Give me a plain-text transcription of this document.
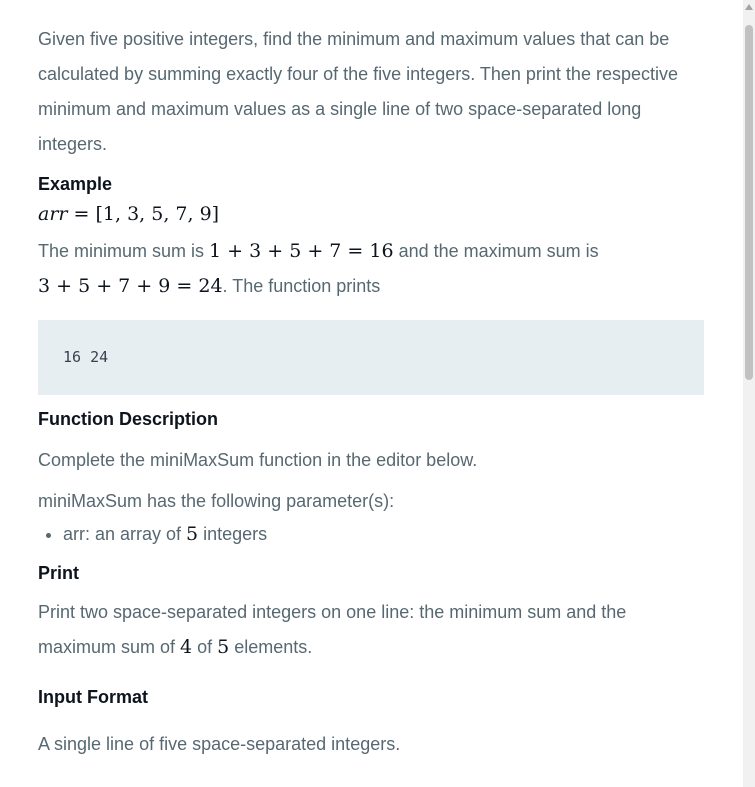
Given five positive integers, find the minimum and maximum values that can be calculated by summing exactly four of the five integers. Then print the respective minimum and maximum values as a single line of two space-separated long integers.

Example
arr = [1, 3, 5, 7, 9]

The minimum sum is 1 + 3 + 5 + 7 = 16 and the maximum sum is
3 + 5 + 7 + 9 = 24. The function prints

16 24
Function Description

Complete the miniMaxSum function in the editor below.

miniMaxSum has the following parameter(s):

• arr: an array of 5 integers
Print

Print two space-separated integers on one line: the minimum sum and the maximum sum of 4 of 5 elements.

Input Format

A single line of five space-separated integers.
